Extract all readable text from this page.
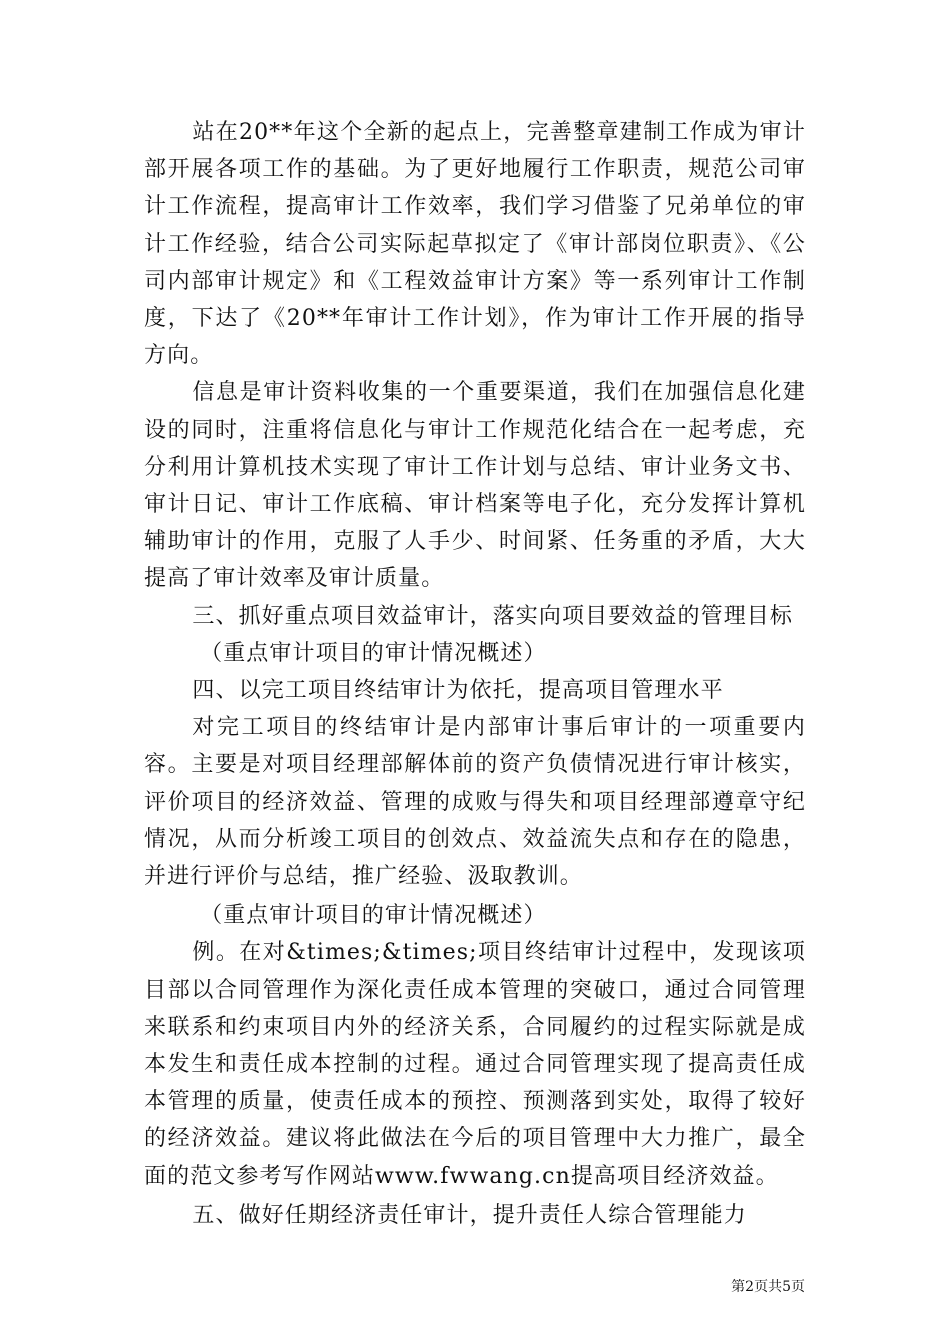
站在20**年这个全新的起点上，完善整章建制工作成为审计部开展各项工作的基础。为了更好地履行工作职责，规范公司审计工作流程，提高审计工作效率，我们学习借鉴了兄弟单位的审计工作经验，结合公司实际起草拟定了《审计部岗位职责》、《公司内部审计规定》和《工程效益审计方案》等一系列审计工作制度，下达了《20**年审计工作计划》，作为审计工作开展的指导方向。

信息是审计资料收集的一个重要渠道，我们在加强信息化建设的同时，注重将信息化与审计工作规范化结合在一起考虑，充分利用计算机技术实现了审计工作计划与总结、审计业务文书、审计日记、审计工作底稿、审计档案等电子化，充分发挥计算机辅助审计的作用，克服了人手少、时间紧、任务重的矛盾，大大提高了审计效率及审计质量。

三、抓好重点项目效益审计，落实向项目要效益的管理目标

（重点审计项目的审计情况概述）

四、以完工项目终结审计为依托，提高项目管理水平

对完工项目的终结审计是内部审计事后审计的一项重要内容。主要是对项目经理部解体前的资产负债情况进行审计核实，评价项目的经济效益、管理的成败与得失和项目经理部遵章守纪情况，从而分析竣工项目的创效点、效益流失点和存在的隐患，并进行评价与总结，推广经验、汲取教训。

（重点审计项目的审计情况概述）

例。在对&times;&times;项目终结审计过程中，发现该项目部以合同管理作为深化责任成本管理的突破口，通过合同管理来联系和约束项目内外的经济关系，合同履约的过程实际就是成本发生和责任成本控制的过程。通过合同管理实现了提高责任成本管理的质量，使责任成本的预控、预测落到实处，取得了较好的经济效益。建议将此做法在今后的项目管理中大力推广，最全面的范文参考写作网站www.fwwang.cn提高项目经济效益。

五、做好任期经济责任审计，提升责任人综合管理能力

第2页共5页
